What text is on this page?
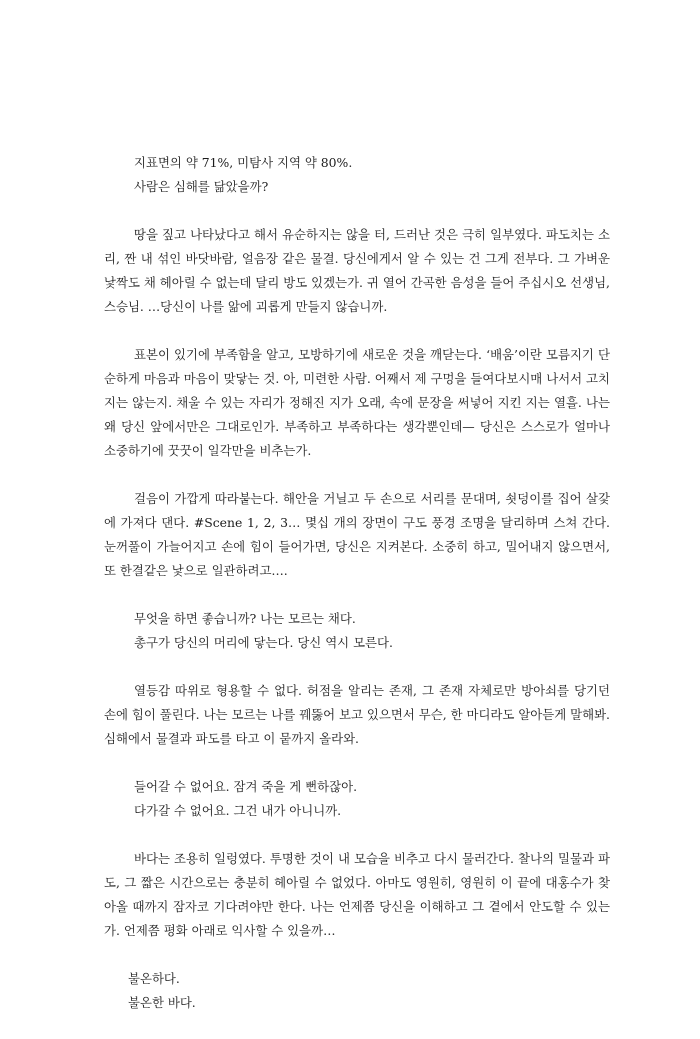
지표면의 약 71%, 미탐사 지역 약 80%.
사람은 심해를 닮았을까?

땅을 짚고 나타났다고 해서 유순하지는 않을 터, 드러난 것은 극히 일부였다. 파도치는 소리, 짠 내 섞인 바닷바람, 얼음장 같은 물결. 당신에게서 알 수 있는 건 그게 전부다. 그 가벼운 낯짝도 채 헤아릴 수 없는데 달리 방도 있겠는가. 귀 열어 간곡한 음성을 들어 주십시오 선생님, 스승님. …당신이 나를 앎에 괴롭게 만들지 않습니까.

표본이 있기에 부족함을 알고, 모방하기에 새로운 것을 깨닫는다. ‘배움’이란 모름지기 단순하게 마음과 마음이 맞닿는 것. 아, 미련한 사람. 어째서 제 구멍을 들여다보시매 나서서 고치지는 않는지. 채울 수 있는 자리가 정해진 지가 오래, 속에 문장을 써넣어 지킨 지는 열흘. 나는 왜 당신 앞에서만은 그대로인가. 부족하고 부족하다는 생각뿐인데— 당신은 스스로가 얼마나 소중하기에 꿋꿋이 일각만을 비추는가.

걸음이 가깝게 따라붙는다. 해안을 거닐고 두 손으로 서리를 문대며, 쇳덩이를 집어 살갗에 가져다 댄다. #Scene 1, 2, 3… 몇십 개의 장면이 구도 풍경 조명을 달리하며 스쳐 간다. 눈꺼풀이 가늘어지고 손에 힘이 들어가면, 당신은 지켜본다. 소중히 하고, 밀어내지 않으면서, 또 한결같은 낯으로 일관하려고….

무엇을 하면 좋습니까? 나는 모르는 채다.
총구가 당신의 머리에 닿는다. 당신 역시 모른다.

열등감 따위로 형용할 수 없다. 허점을 알리는 존재, 그 존재 자체로만 방아쇠를 당기던 손에 힘이 풀린다. 나는 모르는 나를 꿰뚫어 보고 있으면서 무슨, 한 마디라도 알아듣게 말해봐. 심해에서 물결과 파도를 타고 이 뭍까지 올라와.

들어갈 수 없어요. 잠겨 죽을 게 뻔하잖아.
다가갈 수 없어요. 그건 내가 아니니까.

바다는 조용히 일렁였다. 투명한 것이 내 모습을 비추고 다시 물러간다. 찰나의 밀물과 파도, 그 짧은 시간으로는 충분히 헤아릴 수 없었다. 아마도 영원히, 영원히 이 끝에 대홍수가 찾아올 때까지 잠자코 기다려야만 한다. 나는 언제쯤 당신을 이해하고 그 곁에서 안도할 수 있는가. 언제쯤 평화 아래로 익사할 수 있을까…

불온하다.
불온한 바다.
